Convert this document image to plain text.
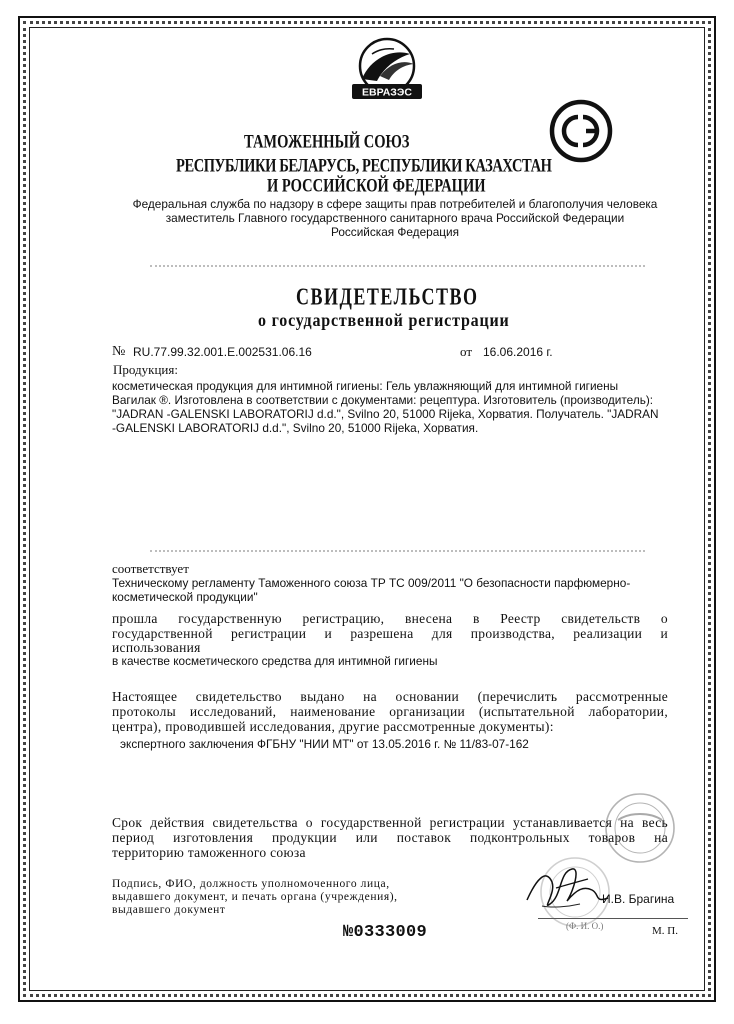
ЕВРАЗЭС
ТАМОЖЕННЫЙ СОЮЗ
РЕСПУБЛИКИ БЕЛАРУСЬ, РЕСПУБЛИКИ КАЗАХСТАН
И РОССИЙСКОЙ ФЕДЕРАЦИИ
Федеральная служба по надзору в сфере защиты прав потребителей и благополучия человека
заместитель Главного государственного санитарного врача Российской Федерации
Российская Федерация
СВИДЕТЕЛЬСТВО
о государственной регистрации
№ RU.77.99.32.001.Е.002531.06.16	от 16.06.2016 г.
Продукция:
косметическая продукция для интимной гигиены: Гель увлажняющий для интимной гигиены
Вагилак ®. Изготовлена в соответствии с документами: рецептура. Изготовитель (производитель):
"JADRAN -GALENSKI LABORATORIJ d.d.", Svilno 20, 51000 Rijeka, Хорватия. Получатель. "JADRAN
-GALENSKI LABORATORIJ d.d.", Svilno 20, 51000 Rijeka, Хорватия.
соответствует
Техническому регламенту Таможенного союза ТР ТС 009/2011 "О безопасности парфюмерно-
косметической продукции"
прошла государственную регистрацию, внесена в Реестр свидетельств о
государственной регистрации и разрешена для производства, реализации и
использования
в качестве косметического средства для интимной гигиены
Настоящее свидетельство выдано на основании (перечислить рассмотренные
протоколы исследований, наименование организации (испытательной лаборатории,
центра), проводившей исследования, другие рассмотренные документы):
экспертного заключения ФГБНУ "НИИ МТ" от 13.05.2016 г. № 11/83-07-162
Срок действия свидетельства о государственной регистрации устанавливается на весь
период изготовления продукции или поставок подконтрольных товаров на
территорию таможенного союза
Подпись, ФИО, должность уполномоченного лица,
выдавшего документ, и печать органа (учреждения),
выдавшего документ
И.В. Брагина
(Ф. И. О.)	М. П.
№0333009
